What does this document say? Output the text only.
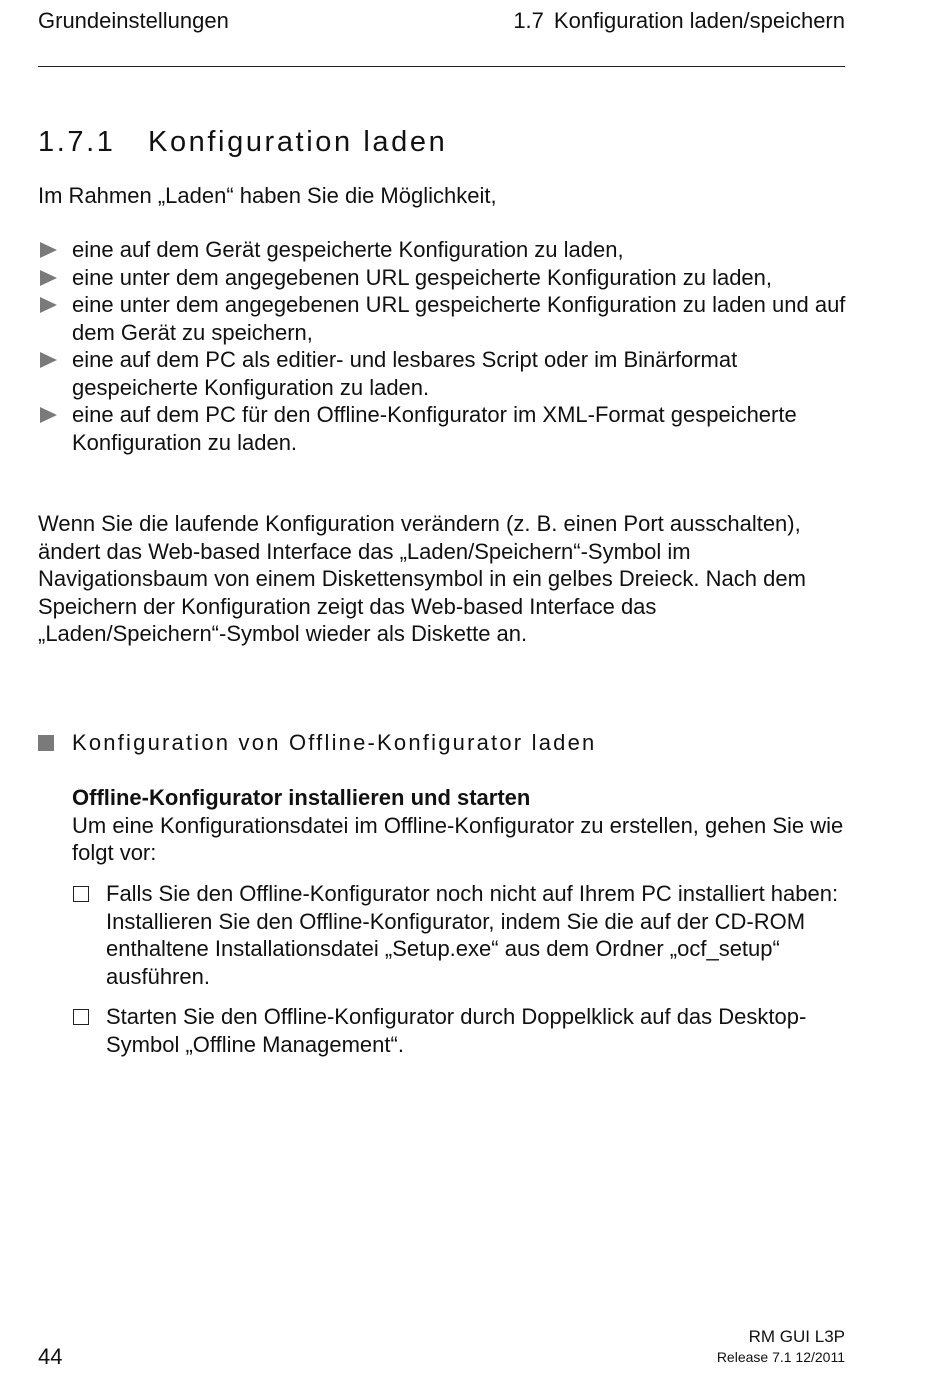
Grundeinstellungen	1.7 Konfiguration laden/speichern
1.7.1 Konfiguration laden
Im Rahmen „Laden“ haben Sie die Möglichkeit,
eine auf dem Gerät gespeicherte Konfiguration zu laden,
eine unter dem angegebenen URL gespeicherte Konfiguration zu laden,
eine unter dem angegebenen URL gespeicherte Konfiguration zu laden und auf dem Gerät zu speichern,
eine auf dem PC als editier- und lesbares Script oder im Binärformat gespeicherte Konfiguration zu laden.
eine auf dem PC für den Offline-Konfigurator im XML-Format gespeicherte Konfiguration zu laden.

Wenn Sie die laufende Konfiguration verändern (z. B. einen Port ausschalten), ändert das Web-based Interface das „Laden/Speichern“-Symbol im Navigationsbaum von einem Diskettensymbol in ein gelbes Dreieck. Nach dem Speichern der Konfiguration zeigt das Web-based Interface das „Laden/Speichern“-Symbol wieder als Diskette an.

Konfiguration von Offline-Konfigurator laden
Offline-Konfigurator installieren und starten
Um eine Konfigurationsdatei im Offline-Konfigurator zu erstellen, gehen Sie wie folgt vor:
Falls Sie den Offline-Konfigurator noch nicht auf Ihrem PC installiert haben: Installieren Sie den Offline-Konfigurator, indem Sie die auf der CD-ROM enthaltene Installationsdatei „Setup.exe“ aus dem Ordner „ocf_setup“ ausführen.
Starten Sie den Offline-Konfigurator durch Doppelklick auf das Desktop-Symbol „Offline Management“.
44
RM GUI L3P
Release 7.1 12/2011
